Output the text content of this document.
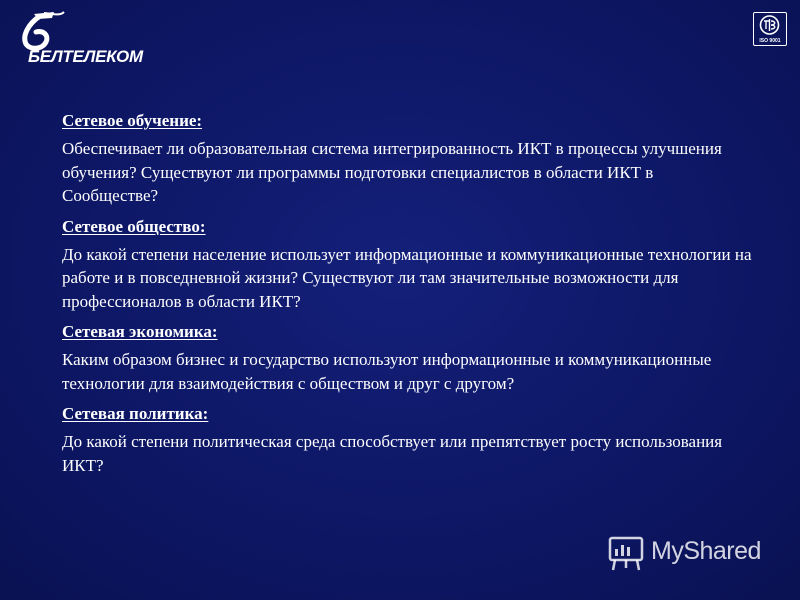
БЕЛТЕЛЕКОМ
ISO 9001
Сетевое обучение:
Обеспечивает ли образовательная система интегрированность ИКТ в процессы улучшения обучения? Существуют ли программы подготовки специалистов в области ИКТ в Сообществе?
Сетевое общество:
До какой степени население использует информационные и коммуникационные технологии на работе и в повседневной жизни? Существуют ли там значительные возможности для профессионалов в области ИКТ?
Сетевая экономика:
Каким образом бизнес и государство используют информационные и коммуникационные технологии для взаимодействия с обществом и друг с другом?
Сетевая политика:
До какой степени политическая среда способствует или препятствует росту использования ИКТ?
MyShared
